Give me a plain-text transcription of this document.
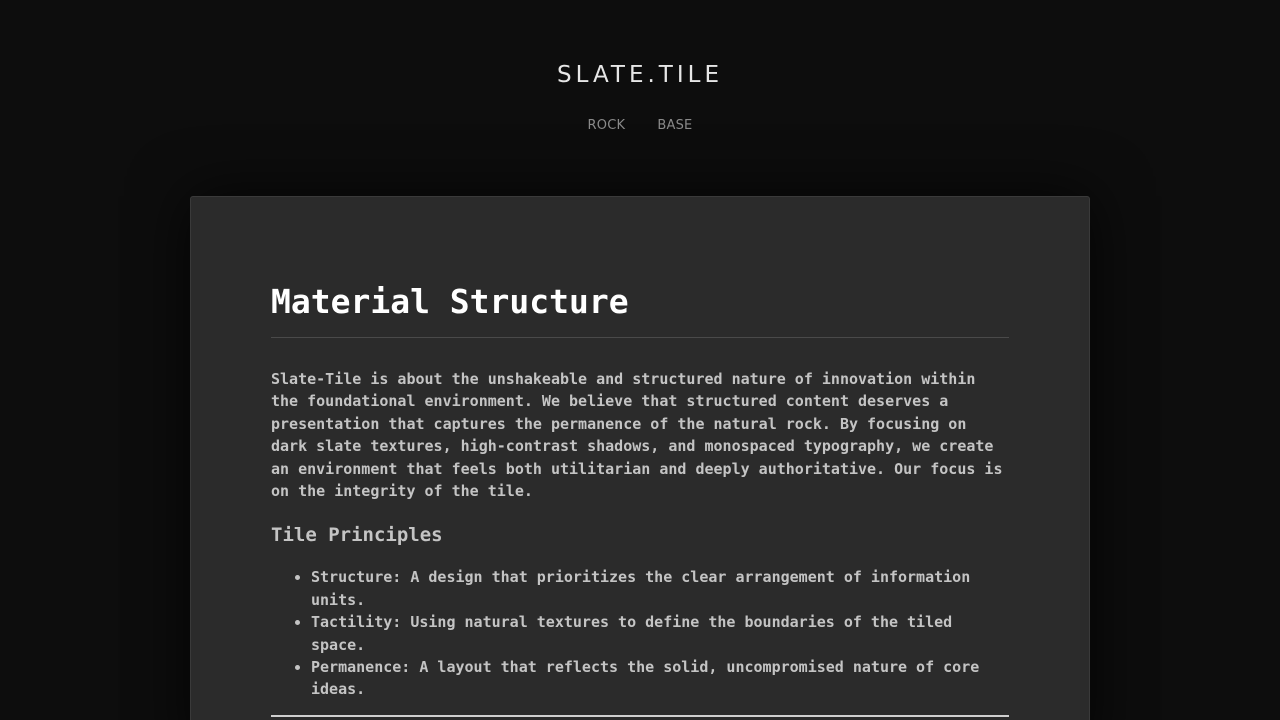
SLATE.TILE
ROCK BASE
Material Structure

Slate-Tile is about the unshakeable and structured nature of innovation within the foundational environment. We believe that structured content deserves a presentation that captures the permanence of the natural rock. By focusing on dark slate textures, high-contrast shadows, and monospaced typography, we create an environment that feels both utilitarian and deeply authoritative. Our focus is on the integrity of the tile.

Tile Principles
• Structure: A design that prioritizes the clear arrangement of information units.
• Tactility: Using natural textures to define the boundaries of the tiled space.
• Permanence: A layout that reflects the solid, uncompromised nature of core ideas.
